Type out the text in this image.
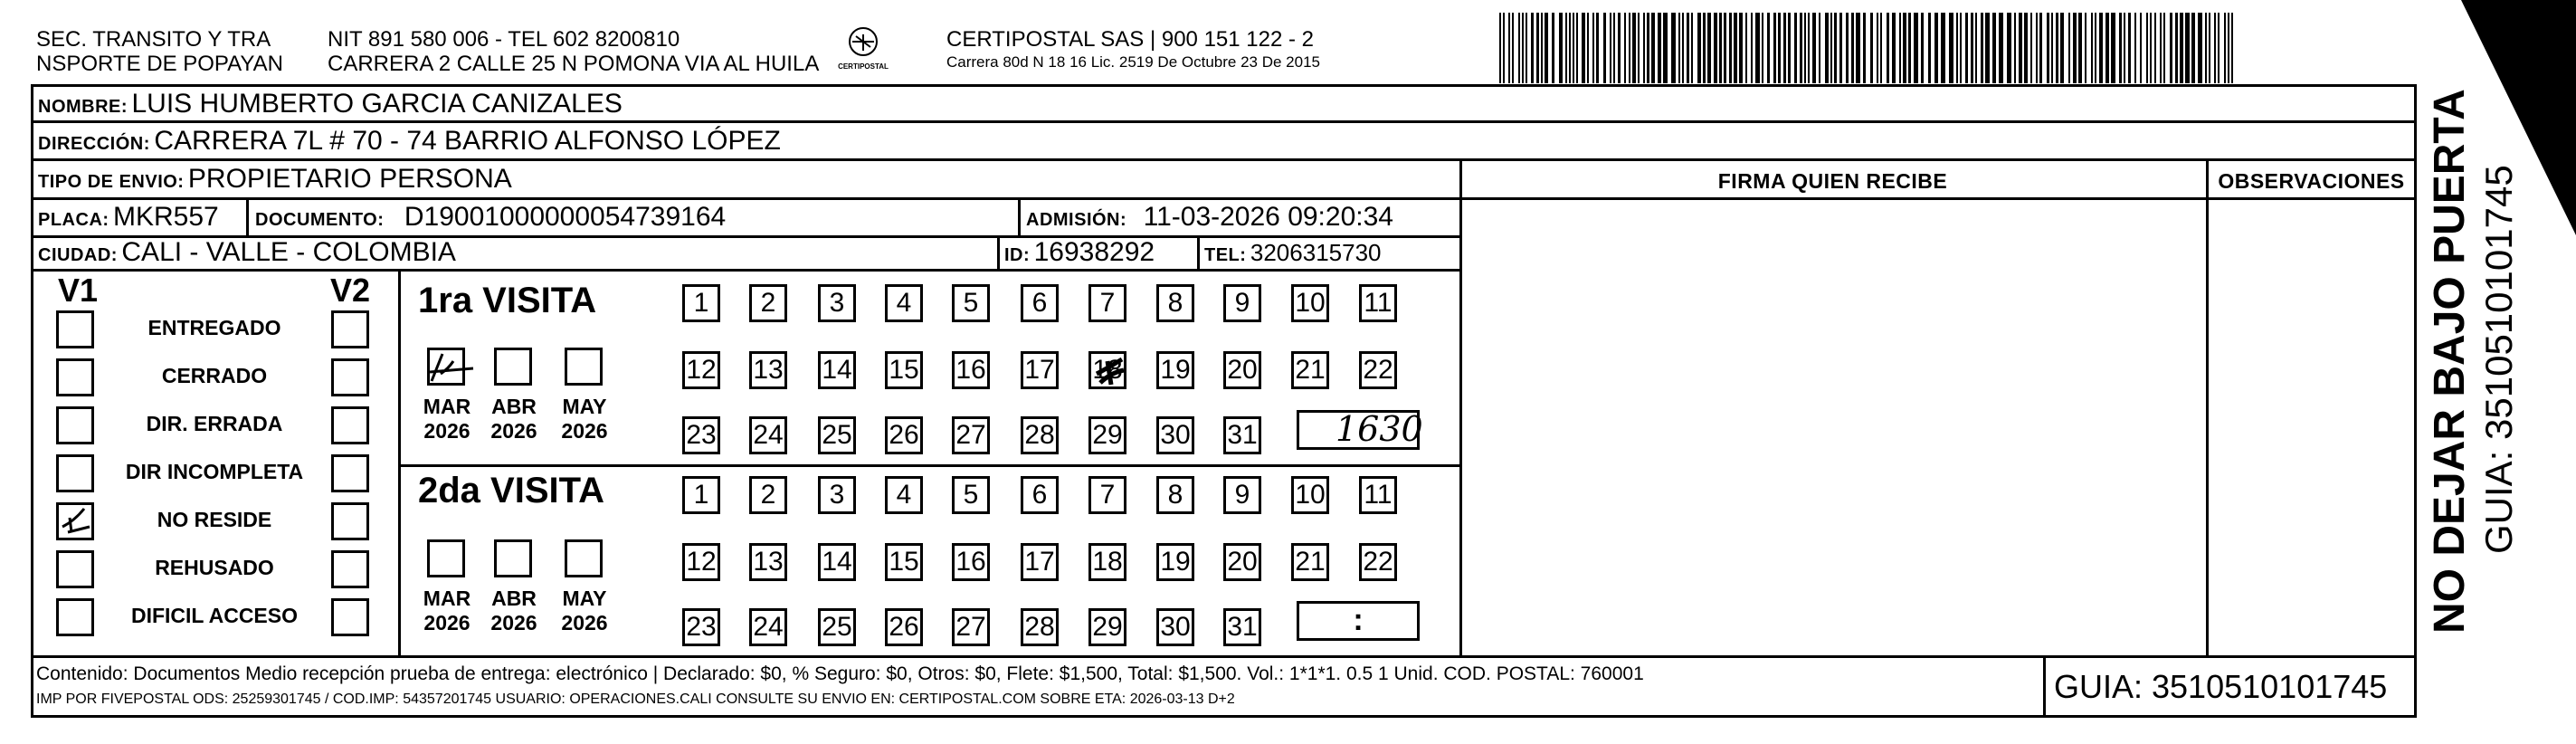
SEC. TRANSITO Y TRA
NSPORTE DE POPAYAN
NIT 891 580 006 - TEL 602 8200810
CARRERA 2 CALLE 25 N POMONA VIA AL HUILA	CERTIPOSTAL
CERTIPOSTAL SAS | 900 151 122 - 2
Carrera 80d N 18 16 Lic. 2519 De Octubre 23 De 2015
NOMBRE: LUIS HUMBERTO GARCIA CANIZALES
DIRECCIÓN: CARRERA 7L # 70 - 74 BARRIO ALFONSO LÓPEZ
TIPO DE ENVIO: PROPIETARIO PERSONA	FIRMA QUIEN RECIBE	OBSERVACIONES
PLACA: MKR557 DOCUMENTO: D19001000000054739164	ADMISIÓN: 11-03-2026 09:20:34
CIUDAD: CALI - VALLE - COLOMBIA	ID: 16938292	TEL: 3206315730
V1	V2
ENTREGADO
CERRADO
DIR. ERRADA
DIR INCOMPLETA
NO RESIDE
REHUSADO
DIFICIL ACCESO
1ra VISITA
2da VISITA
MAR
2026
ABR
2026
MAY
2026
1	2	3	4	5	6	7	8	9	10 11
12 13 14 15 16 17 18 19 20 21 22
23 24 25 26 27 28 29 30 31
MAR
2026
ABR
2026
MAY
2026
1	2	3	4	5	6	7	8	9	10 11
12 13 14 15 16 17 18 19 20 21 22
23 24 25 26 27 28 29 30 31
1630
:
Contenido: Documentos Medio recepción prueba de entrega: electrónico | Declarado: $0, % Seguro: $0, Otros: $0, Flete: $1,500, Total: $1,500. Vol.: 1*1*1. 0.5 1 Unid. COD. POSTAL: 760001
IMP POR FIVEPOSTAL ODS: 25259301745 / COD.IMP: 54357201745 USUARIO: OPERACIONES.CALI CONSULTE SU ENVIO EN: CERTIPOSTAL.COM SOBRE ETA: 2026-03-13 D+2	GUIA: 3510510101745
NO DEJAR BAJO PUERTA GUIA: 3510510101745
